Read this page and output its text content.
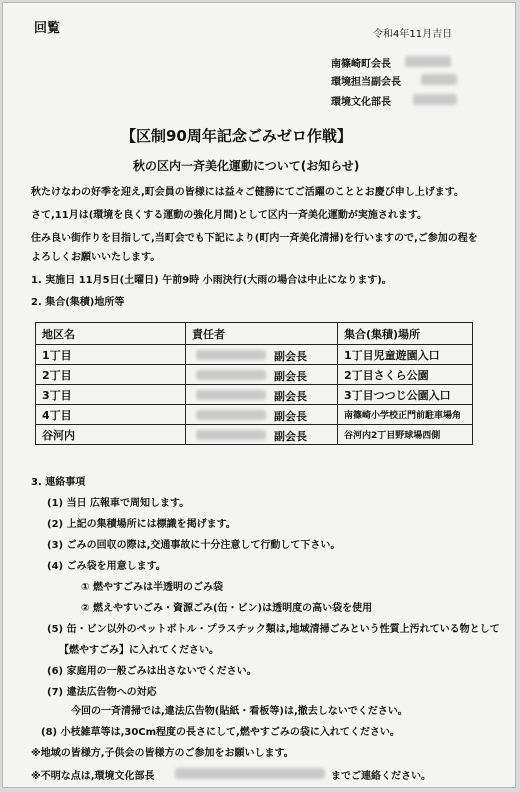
回覧	令和4年11月吉日
南篠崎町会長
環境担当副会長
環境文化部長
【区制90周年記念ごみゼロ作戦】
秋の区内一斉美化運動について(お知らせ)
秋たけなわの好季を迎え,町会員の皆様には益々ご健勝にてご活躍のこととお慶び申し上げます。
さて,11月は(環境を良くする運動の強化月間)として区内一斉美化運動が実施されます。
住み良い街作りを目指して,当町会でも下記により(町内一斉美化清掃)を行いますので,ご参加の程を
よろしくお願いいたします。
1. 実施日 11月5日(土曜日) 午前9時 小雨決行(大雨の場合は中止になります)。
2. 集合(集積)地所等
地区名	責任者	集合(集積)場所
1丁目	副会長	1丁目児童遊園入口
2丁目	副会長	2丁目さくら公園
3丁目	副会長	3丁目つつじ公園入口
4丁目	副会長	南篠崎小学校正門前駐車場角
谷河内	副会長	谷河内2丁目野球場西側
3. 連絡事項
(1) 当日 広報車で周知します。
(2) 上記の集積場所には標識を掲げます。
(3) ごみの回収の際は,交通事故に十分注意して行動して下さい。
(4) ごみ袋を用意します。
① 燃やすごみは半透明のごみ袋
② 燃えやすいごみ・資源ごみ(缶・ビン)は透明度の高い袋を使用
(5) 缶・ビン以外のペットボトル・プラスチック類は,地域清掃ごみという性質上汚れている物として
【燃やすごみ】に入れてください。
(6) 家庭用の一般ごみは出さないでください。
(7) 違法広告物への対応
今回の一斉清掃では,違法広告物(貼紙・看板等)は,撤去しないでください。
(8) 小枝雑草等は,30Cm程度の長さにして,燃やすごみの袋に入れてください。
※地域の皆様方,子供会の皆様方のご参加をお願いします。
※不明な点は,環境文化部長	までご連絡ください。
